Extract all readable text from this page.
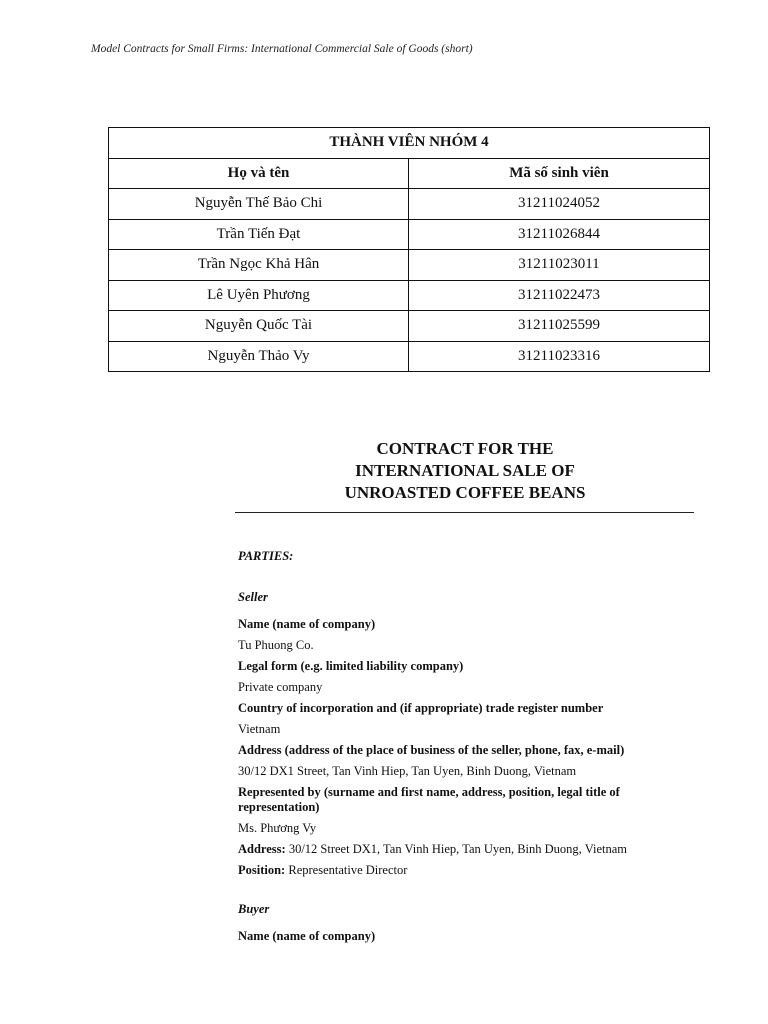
Model Contracts for Small Firms: International Commercial Sale of Goods (short)
THÀNH VIÊN NHÓM 4	
Họ và tên	Mã số sinh viên
Nguyễn Thế Bảo Chi	31211024052
Trần Tiến Đạt	31211026844
Trần Ngọc Khả Hân	31211023011
Lê Uyên Phương	31211022473
Nguyễn Quốc Tài	31211025599
Nguyễn Thảo Vy	31211023316
CONTRACT FOR THE
INTERNATIONAL SALE OF
UNROASTED COFFEE BEANS
PARTIES:
Seller
Name (name of company)
Tu Phuong Co.
Legal form (e.g. limited liability company)
Private company
Country of incorporation and (if appropriate) trade register number
Vietnam
Address (address of the place of business of the seller, phone, fax, e-mail)
30/12 DX1 Street, Tan Vinh Hiep, Tan Uyen, Binh Duong, Vietnam
Represented by (surname and first name, address, position, legal title of representation)
Ms. Phương Vy
Address: 30/12 Street DX1, Tan Vinh Hiep, Tan Uyen, Binh Duong, Vietnam
Position: Representative Director
Buyer
Name (name of company)
